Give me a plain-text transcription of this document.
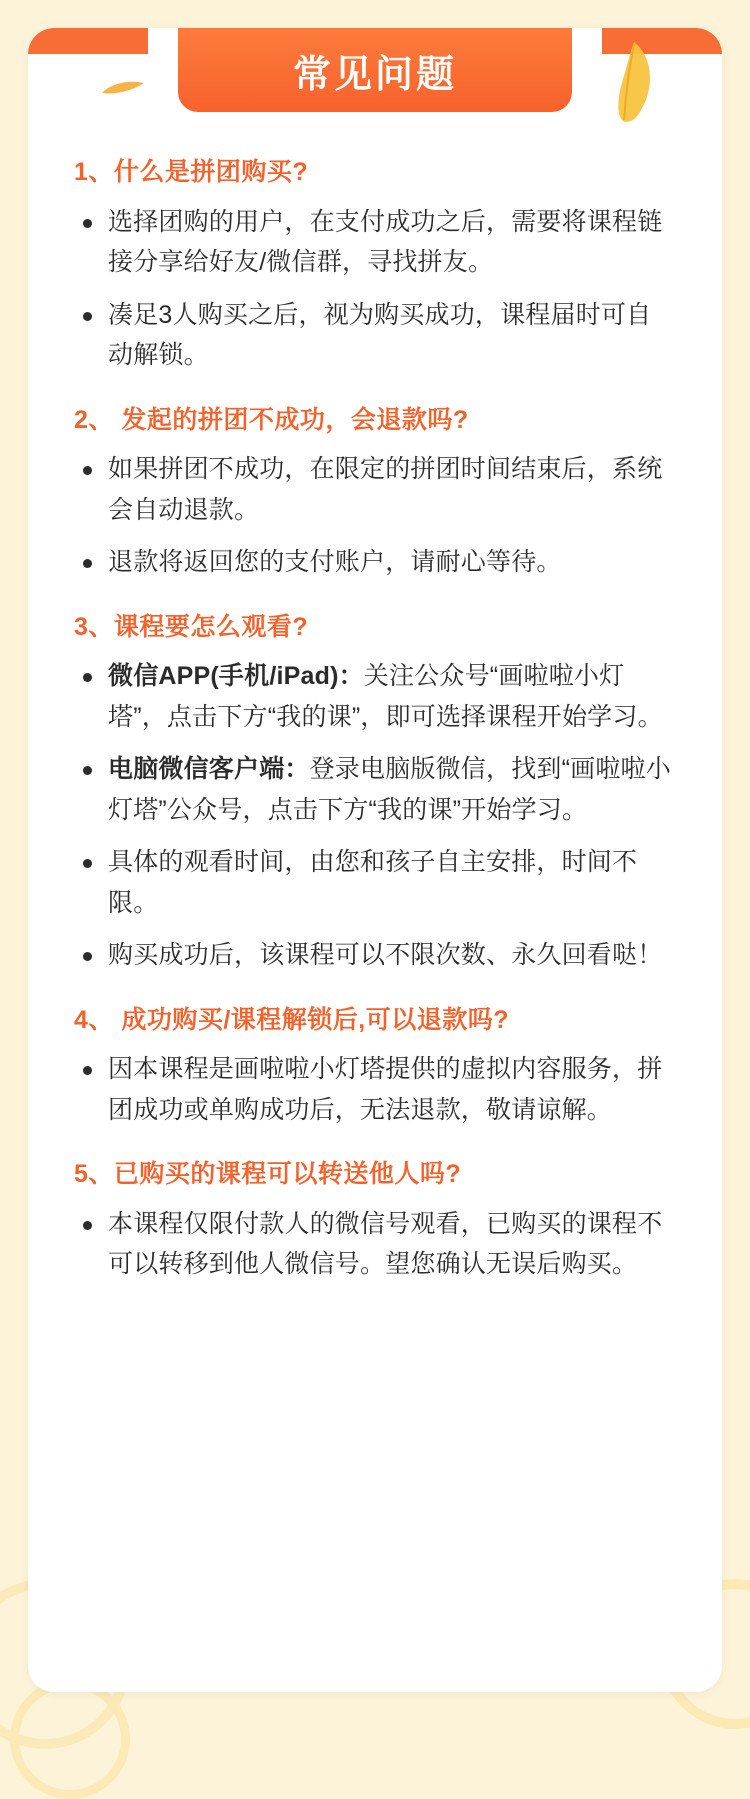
常见问题
1、什么是拼团购买?
选择团购的用户，在支付成功之后，需要将课程链接分享给好友/微信群，寻找拼友。
凑足3人购买之后，视为购买成功，课程届时可自动解锁。
2、 发起的拼团不成功，会退款吗?
如果拼团不成功，在限定的拼团时间结束后，系统会自动退款。
退款将返回您的支付账户，请耐心等待。
3、课程要怎么观看?
微信APP(手机/iPad)：关注公众号“画啦啦小灯塔”，点击下方“我的课”，即可选择课程开始学习。
电脑微信客户端：登录电脑版微信，找到“画啦啦小灯塔”公众号，点击下方“我的课”开始学习。
具体的观看时间，由您和孩子自主安排，时间不限。
购买成功后，该课程可以不限次数、永久回看哒！
4、 成功购买/课程解锁后,可以退款吗?
因本课程是画啦啦小灯塔提供的虚拟内容服务，拼团成功或单购成功后，无法退款，敬请谅解。
5、已购买的课程可以转送他人吗?
本课程仅限付款人的微信号观看，已购买的课程不可以转移到他人微信号。望您确认无误后购买。
